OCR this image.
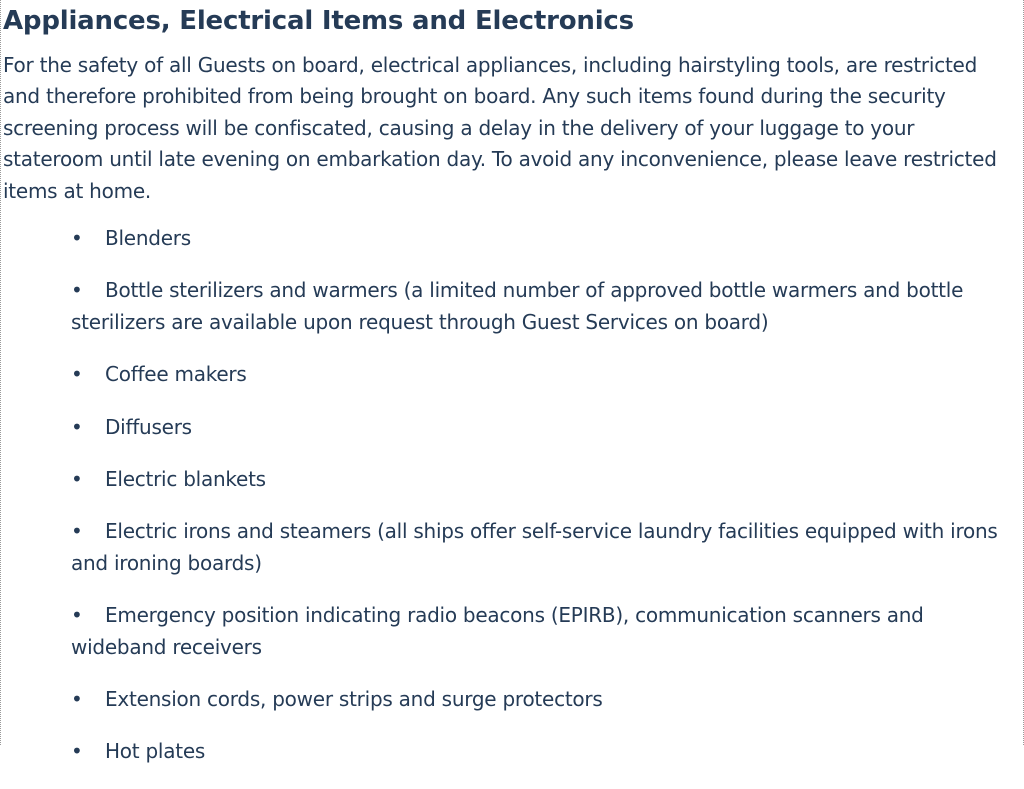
Appliances, Electrical Items and Electronics

For the safety of all Guests on board, electrical appliances, including hairstyling tools, are restricted and therefore prohibited from being brought on board. Any such items found during the security screening process will be confiscated, causing a delay in the delivery of your luggage to your stateroom until late evening on embarkation day. To avoid any inconvenience, please leave restricted items at home.

• Blenders
• Bottle sterilizers and warmers (a limited number of approved bottle warmers and bottle sterilizers are available upon request through Guest Services on board)
• Coffee makers
• Diffusers
• Electric blankets
• Electric irons and steamers (all ships offer self-service laundry facilities equipped with irons and ironing boards)
• Emergency position indicating radio beacons (EPIRB), communication scanners and wideband receivers
• Extension cords, power strips and surge protectors
• Hot plates
